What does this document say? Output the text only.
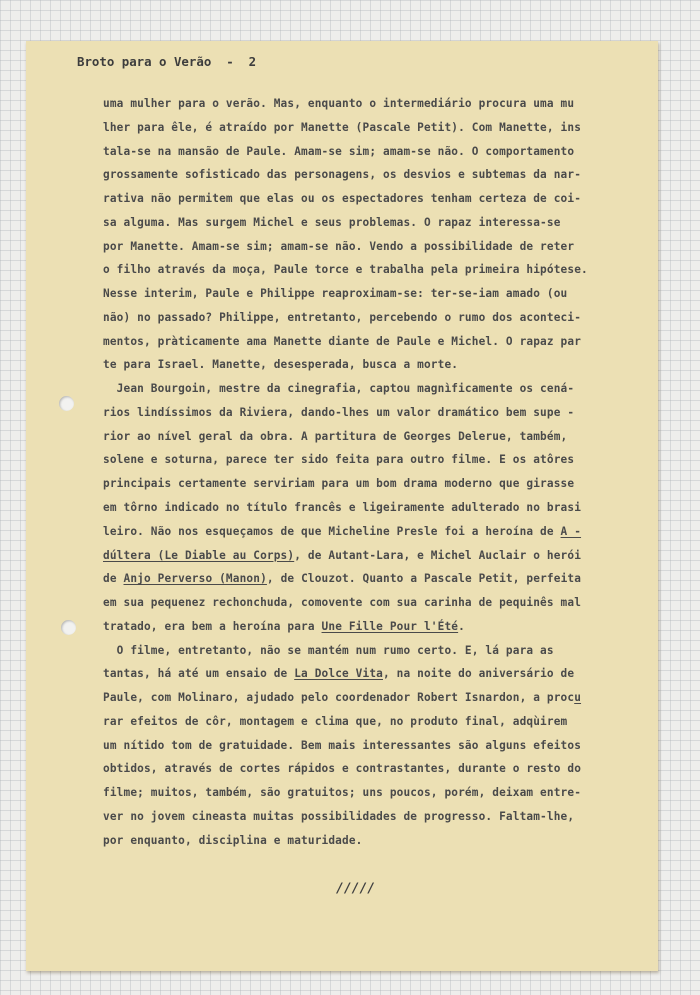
Broto para o Verão  -  2
uma mulher para o verão. Mas, enquanto o intermediário procura uma mu
lher para êle, é atraído por Manette (Pascale Petit). Com Manette, ins
tala-se na mansão de Paule. Amam-se sim; amam-se não. O comportamento
grossamente sofisticado das personagens, os desvios e subtemas da nar-
rativa não permitem que elas ou os espectadores tenham certeza de coi-
sa alguma. Mas surgem Michel e seus problemas. O rapaz interessa-se
por Manette. Amam-se sim; amam-se não. Vendo a possibilidade de reter
o filho através da moça, Paule torce e trabalha pela primeira hipótese.
Nesse interim, Paule e Philippe reaproximam-se: ter-se-iam amado (ou
não) no passado? Philippe, entretanto, percebendo o rumo dos aconteci-
mentos, pràticamente ama Manette diante de Paule e Michel. O rapaz par
te para Israel. Manette, desesperada, busca a morte.
Jean Bourgoin, mestre da cinegrafia, captou magnìficamente os cená-
rios lindíssimos da Riviera, dando-lhes um valor dramático bem supe -
rior ao nível geral da obra. A partitura de Georges Delerue, também,
solene e soturna, parece ter sido feita para outro filme. E os atôres
principais certamente serviriam para um bom drama moderno que girasse
em tôrno indicado no título francês e ligeiramente adulterado no brasi
leiro. Não nos esqueçamos de que Micheline Presle foi a heroína de A -
dúltera (Le Diable au Corps), de Autant-Lara, e Michel Auclair o herói
de Anjo Perverso (Manon), de Clouzot. Quanto a Pascale Petit, perfeita
em sua pequenez rechonchuda, comovente com sua carinha de pequinês mal
tratado, era bem a heroína para Une Fille Pour l'Été.
O filme, entretanto, não se mantém num rumo certo. E, lá para as
tantas, há até um ensaio de La Dolce Vita, na noite do aniversário de
Paule, com Molinaro, ajudado pelo coordenador Robert Isnardon, a procu
rar efeitos de côr, montagem e clima que, no produto final, adqùirem
um nítido tom de gratuidade. Bem mais interessantes são alguns efeitos
obtidos, através de cortes rápidos e contrastantes, durante o resto do
filme; muitos, também, são gratuitos; uns poucos, porém, deixam entre-
ver no jovem cineasta muitas possibilidades de progresso. Faltam-lhe,
por enquanto, disciplina e maturidade.
/////
